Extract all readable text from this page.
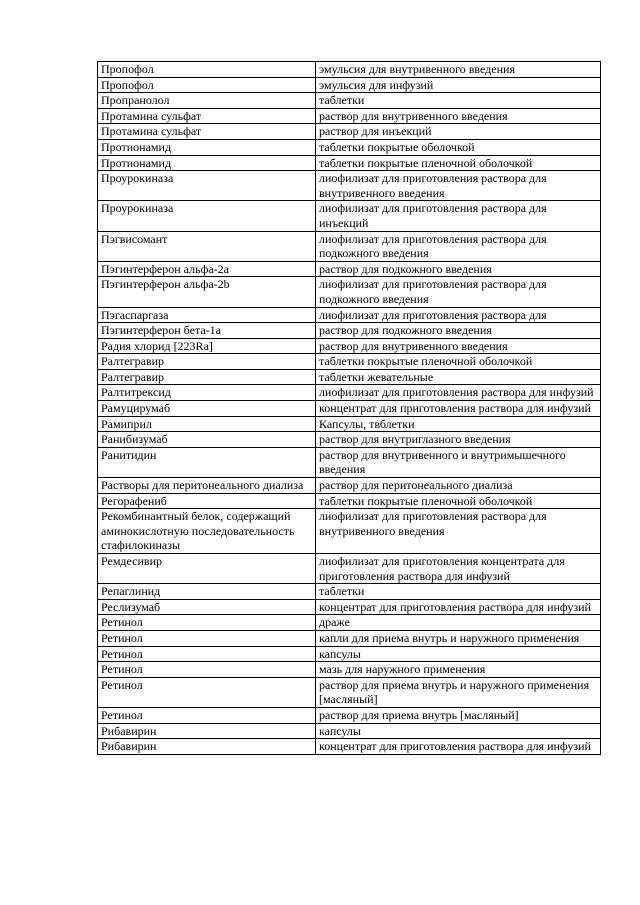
Пропофол	эмульсия для внутривенного введения
Пропофол	эмульсия для инфузий
Пропранолол	таблетки
Протамина сульфат	раствор для внутривенного введения
Протамина сульфат	раствор для инъекций
Протионамид	таблетки покрытые оболочкой
Протионамид	таблетки покрытые пленочной оболочкой
Проурокиназа	лиофилизат для приготовления раствора для внутривенного введения
Проурокиназа	лиофилизат для приготовления раствора для инъекций
Пэгвисомант	лиофилизат для приготовления раствора для подкожного введения
Пэгинтерферон альфа-2а	раствор для подкожного введения
Пэгинтерферон альфа-2b	лиофилизат для приготовления раствора для подкожного введения
Пэгаспаргаза	лиофилизат для приготовления раствора для
Пэгинтерферон бета-1а	раствор для подкожного введения
Радия хлорид [223Ra]	раствор для внутривенного введения
Ралтегравир	таблетки покрытые пленочной оболочкой
Ралтегравир	таблетки жевательные
Ралтитрексид	лиофилизат для приготовления раствора для инфузий
Рамуцирумаб	концентрат для приготовления раствора для инфузий
Рамиприл	Капсулы, твблетки
Ранибизумаб	раствор для внутриглазного введения
Ранитидин	раствор для внутривенного и внутримышечного введения
Растворы для перитонеального диализа	раствор для перитонеального диализа
Регорафениб	таблетки покрытые пленочной оболочкой
Рекомбинантный белок, содержащий аминокислотную последовательность стафилокиназы	лиофилизат для приготовления раствора для внутривенного введения
Ремдесивир	лиофилизат для приготовления концентрата для приготовления раствора для инфузий
Репаглинид	таблетки
Реслизумаб	концентрат для приготовления раствора для инфузий
Ретинол	драже
Ретинол	капли для приема внутрь и наружного применения
Ретинол	капсулы
Ретинол	мазь для наружного применения
Ретинол	раствор для приема внутрь и наружного применения [масляный]
Ретинол	раствор для приема внутрь [масляный]
Рибавирин	капсулы
Рибавирин	концентрат для приготовления раствора для инфузий
